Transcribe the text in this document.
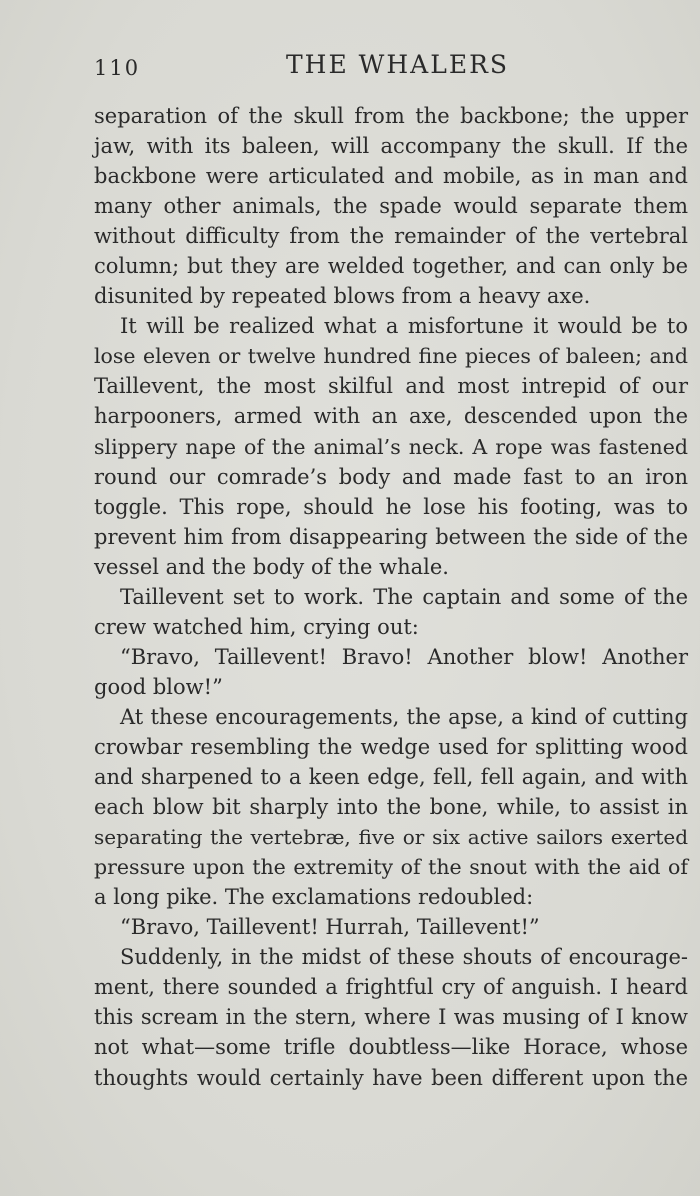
110	THE WHALERS
separation of the skull from the backbone; the upper
jaw, with its baleen, will accompany the skull. If the
backbone were articulated and mobile, as in man and
many other animals, the spade would separate them
without difficulty from the remainder of the vertebral
column; but they are welded together, and can only be
disunited by repeated blows from a heavy axe.
It will be realized what a misfortune it would be to
lose eleven or twelve hundred fine pieces of baleen; and
Taillevent, the most skilful and most intrepid of our
harpooners, armed with an axe, descended upon the
slippery nape of the animal’s neck. A rope was fastened
round our comrade’s body and made fast to an iron
toggle. This rope, should he lose his footing, was to
prevent him from disappearing between the side of the
vessel and the body of the whale.
Taillevent set to work. The captain and some of the
crew watched him, crying out:
“Bravo, Taillevent! Bravo! Another blow! Another
good blow!”
At these encouragements, the apse, a kind of cutting
crowbar resembling the wedge used for splitting wood
and sharpened to a keen edge, fell, fell again, and with
each blow bit sharply into the bone, while, to assist in
separating the vertebræ, five or six active sailors exerted
pressure upon the extremity of the snout with the aid of
a long pike. The exclamations redoubled:
“Bravo, Taillevent! Hurrah, Taillevent!”
Suddenly, in the midst of these shouts of encourage-
ment, there sounded a frightful cry of anguish. I heard
this scream in the stern, where I was musing of I know
not what—some trifle doubtless—like Horace, whose
thoughts would certainly have been different upon the
